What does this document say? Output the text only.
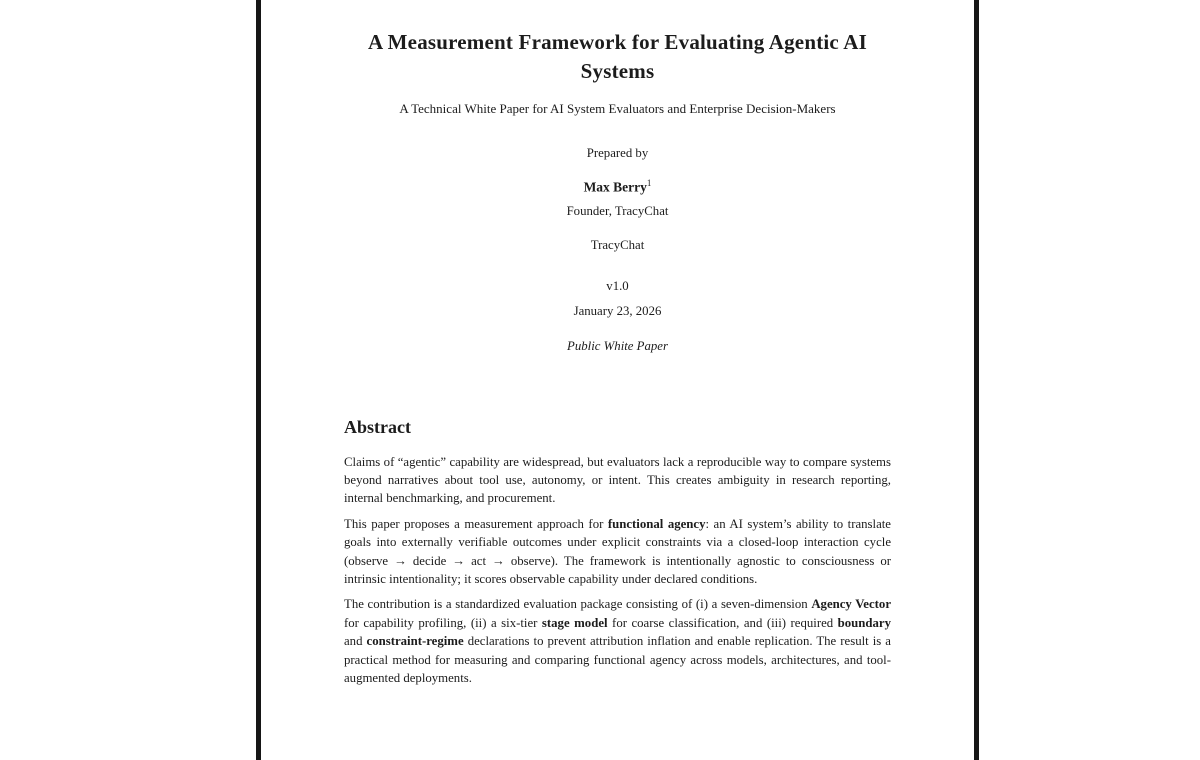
A Measurement Framework for Evaluating Agentic AI Systems
A Technical White Paper for AI System Evaluators and Enterprise Decision-Makers
Prepared by
Max Berry$^1$
Founder, TracyChat
TracyChat
v1.0
January 23, 2026
Public White Paper
Abstract

Claims of “agentic” capability are widespread, but evaluators lack a reproducible way to compare systems beyond narratives about tool use, autonomy, or intent. This creates ambiguity in research reporting, internal benchmarking, and procurement.

This paper proposes a measurement approach for functional agency: an AI system’s ability to translate goals into externally verifiable outcomes under explicit constraints via a closed-loop interaction cycle (observe → decide → act → observe). The framework is intentionally agnostic to consciousness or intrinsic intentionality; it scores observable capability under declared conditions.

The contribution is a standardized evaluation package consisting of (i) a seven-dimension Agency Vector for capability profiling, (ii) a six-tier stage model for coarse classification, and (iii) required boundary and constraint-regime declarations to prevent attribution inflation and enable replication. The result is a practical method for measuring and comparing functional agency across models, architectures, and tool-augmented deployments.
